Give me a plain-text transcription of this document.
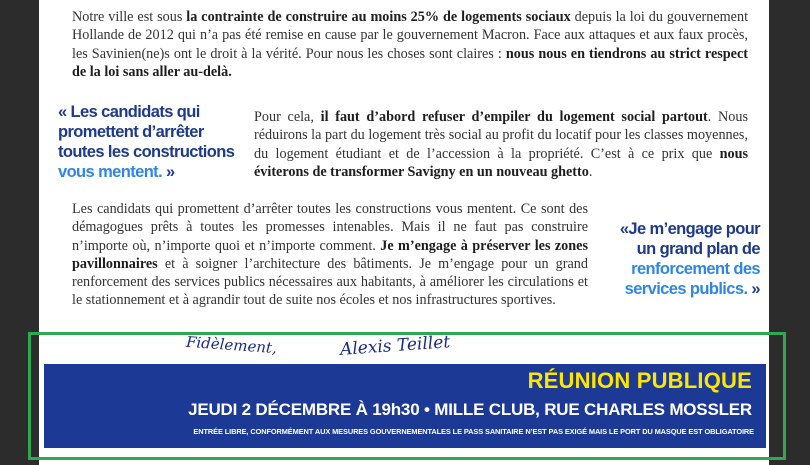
Notre ville est sous la contrainte de construire au moins 25% de logements sociaux depuis la loi du gouvernement Hollande de 2012 qui n’a pas été remise en cause par le gouvernement Macron. Face aux attaques et aux faux procès, les Savinien(ne)s ont le droit à la vérité. Pour nous les choses sont claires : nous nous en tiendrons au strict respect de la loi sans aller au-delà.

« Les candidats qui
promettent d’arrêter
toutes les constructions
vous mentent. »

Pour cela, il faut d’abord refuser d’empiler du logement social partout. Nous réduirons la part du logement très social au profit du locatif pour les classes moyennes, du logement étudiant et de l’accession à la propriété. C’est à ce prix que nous éviterons de transformer Savigny en un nouveau ghetto.

Les candidats qui promettent d’arrêter toutes les constructions vous mentent. Ce sont des démagogues prêts à toutes les promesses intenables. Mais il ne faut pas construire n’importe où, n’importe quoi et n’importe comment. Je m’engage à préserver les zones pavillonnaires et à soigner l’architecture des bâtiments. Je m’engage pour un grand renforcement des services publics nécessaires aux habitants, à améliorer les circulations et le stationnement et à agrandir tout de suite nos écoles et nos infrastructures sportives.

«Je m’engage pour
un grand plan de
renforcement des
services publics. »
Fidèlement,	Alexis Teillet
RÉUNION PUBLIQUE
JEUDI 2 DÉCEMBRE À 19h30 • MILLE CLUB, RUE CHARLES MOSSLER
ENTRÉE LIBRE, CONFORMÉMENT AUX MESURES GOUVERNEMENTALES LE PASS SANITAIRE N’EST PAS EXIGÉ MAIS LE PORT DU MASQUE EST OBLIGATOIRE
